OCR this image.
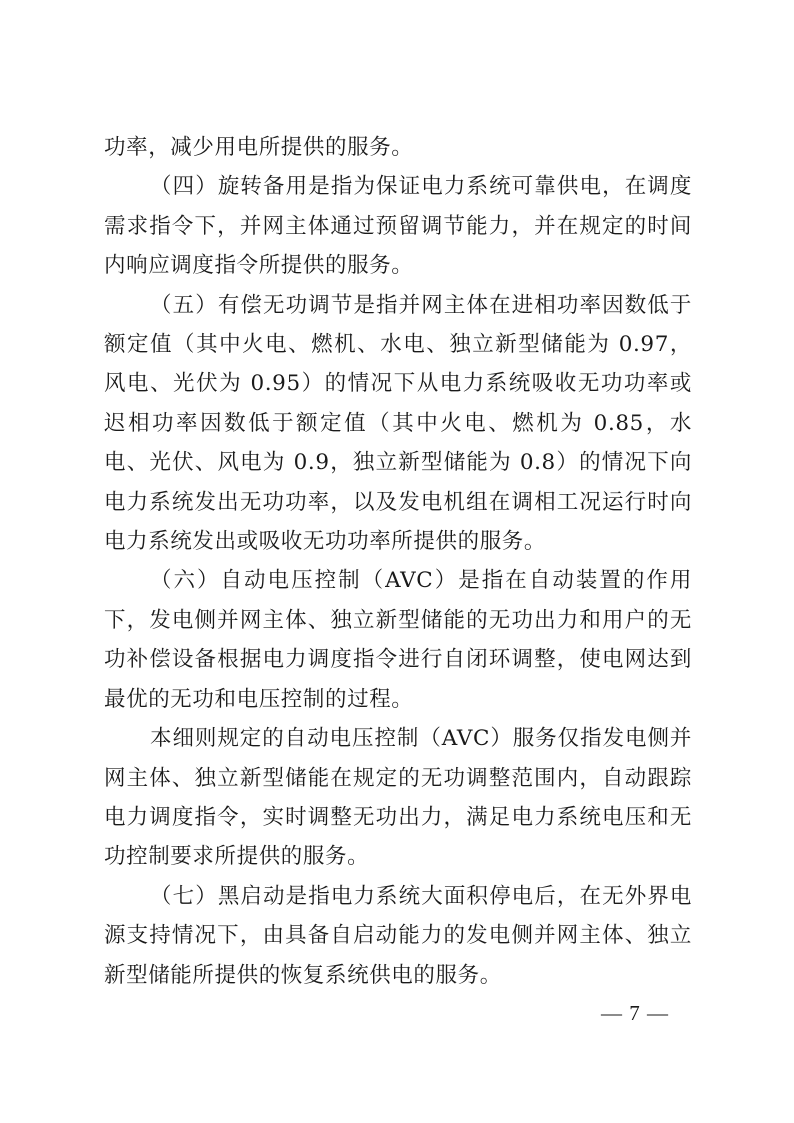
功率，减少用电所提供的服务。

（四）旋转备用是指为保证电力系统可靠供电，在调度需求指令下，并网主体通过预留调节能力，并在规定的时间内响应调度指令所提供的服务。

（五）有偿无功调节是指并网主体在进相功率因数低于额定值（其中火电、燃机、水电、独立新型储能为 0.97，风电、光伏为 0.95）的情况下从电力系统吸收无功功率或迟相功率因数低于额定值（其中火电、燃机为 0.85，水电、光伏、风电为 0.9，独立新型储能为 0.8）的情况下向电力系统发出无功功率，以及发电机组在调相工况运行时向电力系统发出或吸收无功功率所提供的服务。

（六）自动电压控制（AVC）是指在自动装置的作用下，发电侧并网主体、独立新型储能的无功出力和用户的无功补偿设备根据电力调度指令进行自闭环调整，使电网达到最优的无功和电压控制的过程。

本细则规定的自动电压控制（AVC）服务仅指发电侧并网主体、独立新型储能在规定的无功调整范围内，自动跟踪电力调度指令，实时调整无功出力，满足电力系统电压和无功控制要求所提供的服务。

（七）黑启动是指电力系统大面积停电后，在无外界电源支持情况下，由具备自启动能力的发电侧并网主体、独立新型储能所提供的恢复系统供电的服务。

— 7 —
